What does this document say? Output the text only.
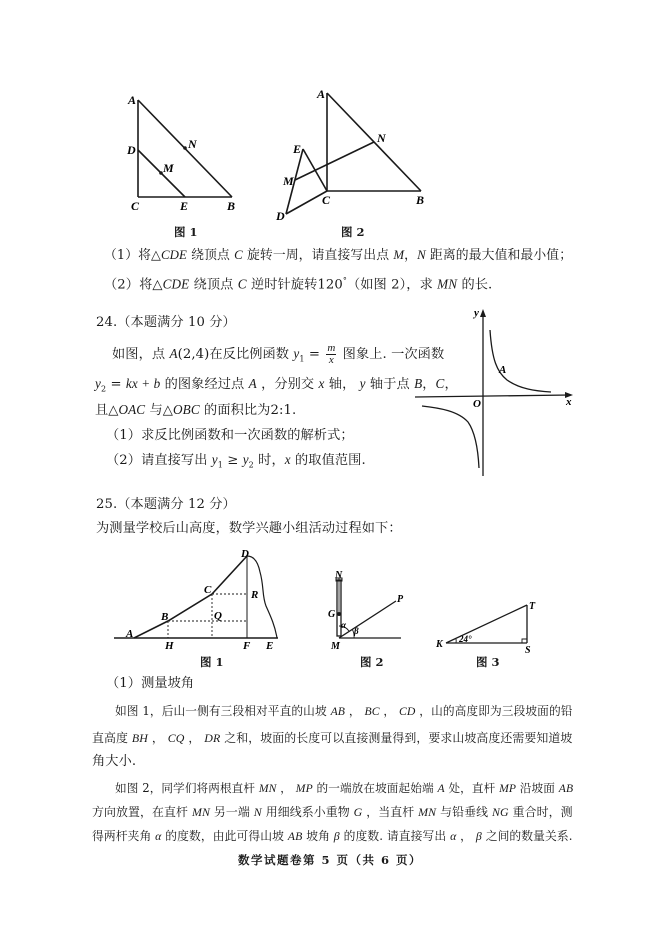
A
D
M
N
C	E	B
图 1
A
E
M
N
C
D
B
图 2
（1）将△CDE 绕顶点 C 旋转一周，请直接写出点 M，N 距离的最大值和最小值；
（2）将△CDE 绕顶点 C 逆时针旋转120°（如图 2），求 MN 的长.
24.（本题满分 10 分）
如图，点 A(2,4)在反比例函数 $y_1 = \frac{m}{x}$ 图象上. 一次函数
$y_2$ = kx + b 的图象经过点 A ，分别交 x 轴， y 轴于点 B，C，
且△OAC 与△OBC 的面积比为2:1.
（1）求反比例函数和一次函数的解析式；
（2）请直接写出 $y_1 \ge y_2$ 时，x 的取值范围.
y
x
O
A
25.（本题满分 12 分）
为测量学校后山高度，数学兴趣小组活动过程如下：
A
B
C
D
H
Q
R
F E
图 1
N
G
M
P
α
β
图 2
K
T
S
24°
图 3
（1）测量坡角
如图 1，后山一侧有三段相对平直的山坡 AB ， BC ， CD ，山的高度即为三段坡面的铅
直高度 BH ， CQ ， DR 之和，坡面的长度可以直接测量得到，要求山坡高度还需要知道坡
角大小.
如图 2，同学们将两根直杆 MN ， MP 的一端放在坡面起始端 A 处，直杆 MP 沿坡面 AB
方向放置，在直杆 MN 另一端 N 用细线系小重物 G ，当直杆 MN 与铅垂线 NG 重合时，测
得两杆夹角 α 的度数，由此可得山坡 AB 坡角 β 的度数. 请直接写出 α ， β 之间的数量关系.
数学试题卷第 5 页（共 6 页）
